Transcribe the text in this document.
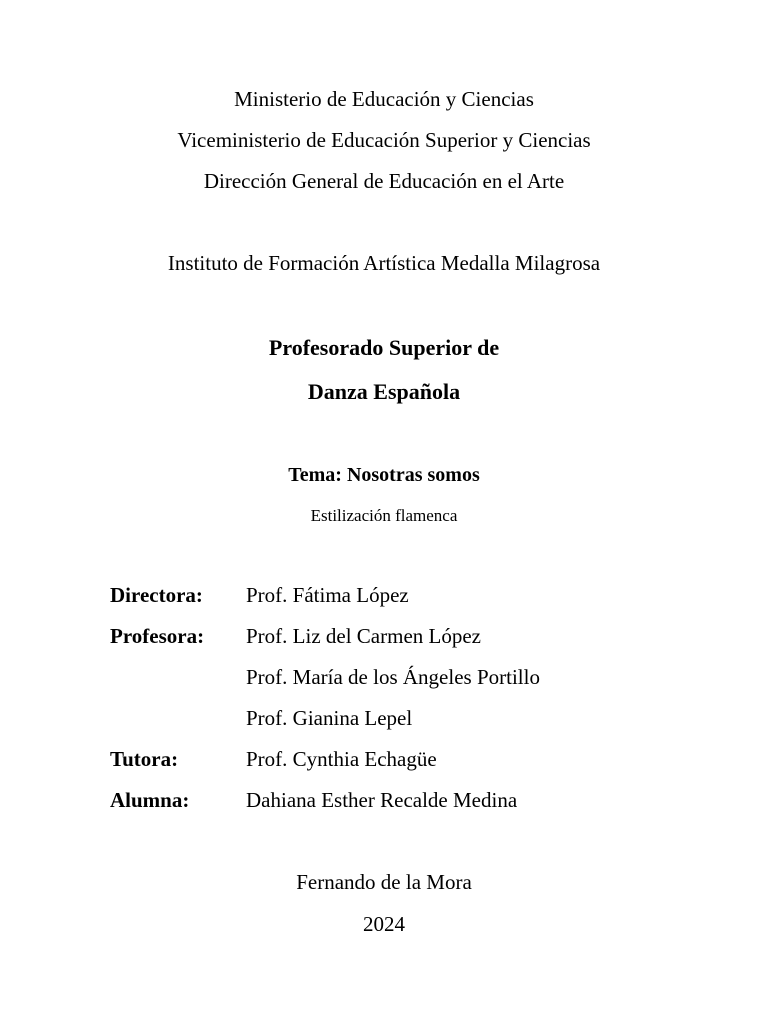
Ministerio de Educación y Ciencias
Viceministerio de Educación Superior y Ciencias
Dirección General de Educación en el Arte
Instituto de Formación Artística Medalla Milagrosa
Profesorado Superior de
Danza Española
Tema: Nosotras somos
Estilización flamenca
Directora: Prof. Fátima López
Profesora: Prof. Liz del Carmen López
Prof. María de los Ángeles Portillo
Prof. Gianina Lepel
Tutora:	Prof. Cynthia Echagüe
Alumna:	Dahiana Esther Recalde Medina
Fernando de la Mora
2024
